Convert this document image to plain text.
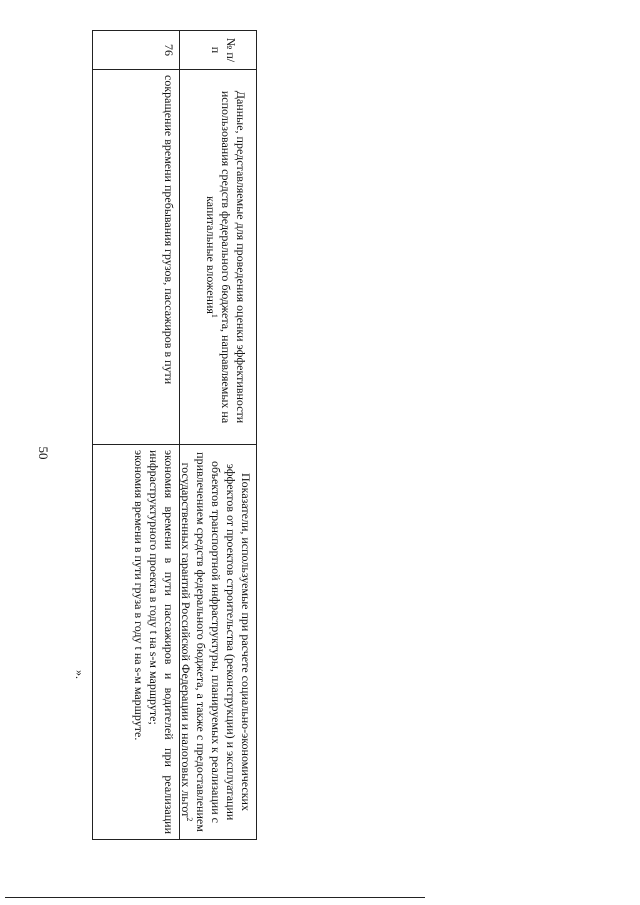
50
№ п/п
Данные, представляемые для проведения оценки эффективности использования средств федерального бюджета, направляемых на капитальные вложения$^1$
Показатели, используемые при расчете социально-экономических эффектов от проектов строительства (реконструкции) и эксплуатации объектов транспортной инфраструктуры, планируемых к реализации с привлечением средств федерального бюджета, а также с предоставлением государственных гарантий Российской Федерации и налоговых льгот$^2$
76
сокращение времени пребывания грузов, пассажиров в пути
экономия времени в пути пассажиров и водителей при реализации инфраструктурного проекта в году t на s-м маршруте;
экономия времени в пути груза в году t на s-м маршруте.
».
